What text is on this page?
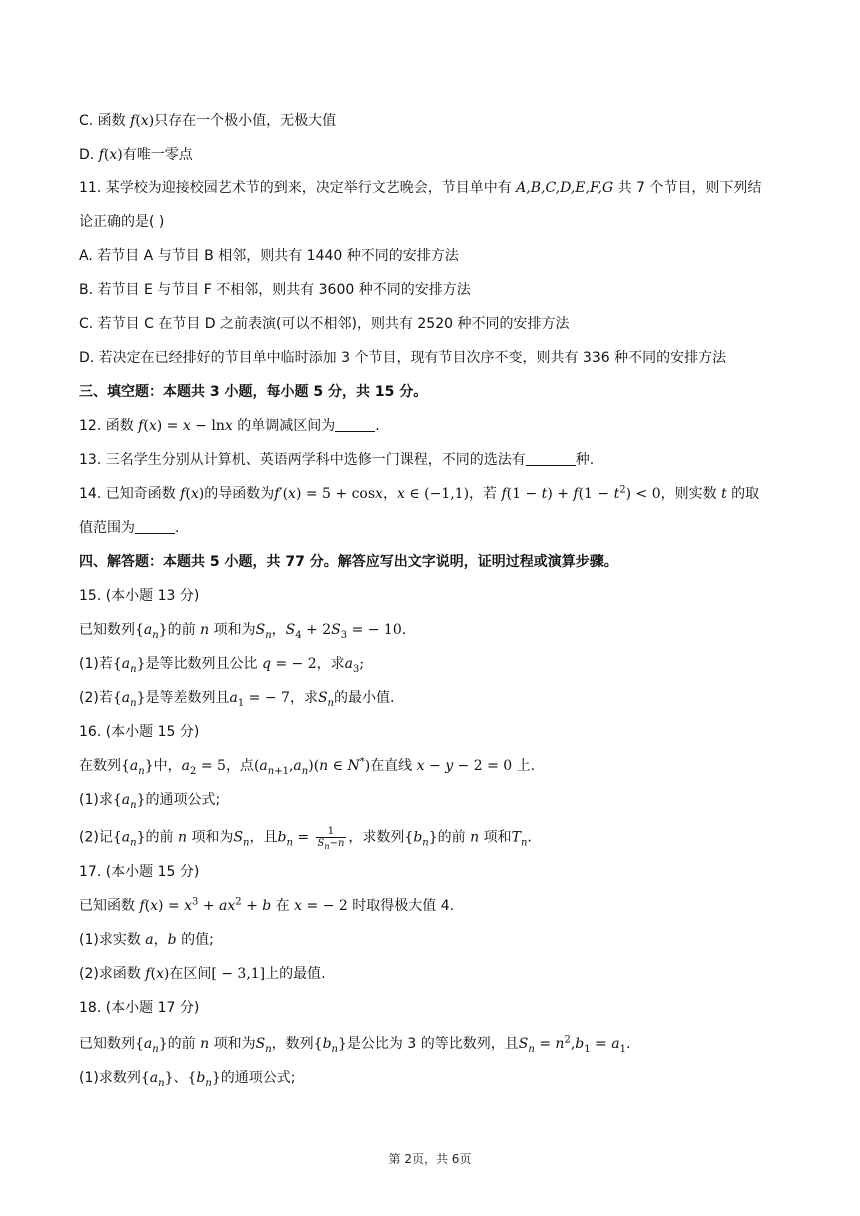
C. 函数 f(x)只存在一个极小值，无极大值
D. f(x)有唯一零点
11. 某学校为迎接校园艺术节的到来，决定举行文艺晚会，节目单中有 A,B,C,D,E,F,G 共 7 个节目，则下列结
论正确的是( )
A. 若节目 A 与节目 B 相邻，则共有 1440 种不同的安排方法
B. 若节目 E 与节目 F 不相邻，则共有 3600 种不同的安排方法
C. 若节目 C 在节目 D 之前表演(可以不相邻)，则共有 2520 种不同的安排方法
D. 若决定在已经排好的节目单中临时添加 3 个节目，现有节目次序不变，则共有 336 种不同的安排方法
三、填空题：本题共 3 小题，每小题 5 分，共 15 分。
12. 函数 f(x) = x − lnx 的单调减区间为	.
13. 三名学生分别从计算机、英语两学科中选修一门课程，不同的选法有	种.
14. 已知奇函数 f(x)的导函数为f′(x) = 5 + cosx，x ∈ (−1,1)，若 $f(1 - t) + f(1 - t^2) < 0$，则实数 t 的取
值范围为	.
四、解答题：本题共 5 小题，共 77 分。解答应写出文字说明，证明过程或演算步骤。
15. (本小题 13 分)
已知数列$\{a_n\}$的前 n 项和为$S_n$，$S_4 + 2S_3$ = − 10.
(1)若$\{a_n\}$是等比数列且公比 q = − 2，求$a_3$;
(2)若$\{a_n\}$是等差数列且$a_1$ = − 7，求$S_n$的最小值.
16. (本小题 15 分)
在数列$\{a_n\}$中，$a_2 = 5$，点$(a_{n+1},a_n)(n$ ∈ N*)在直线 x − y − 2 = 0 上.
(1)求$\{a_n\}$的通项公式;
(2)记$\{a_n\}$的前 n 项和为$S_n$，且$b_n = \frac{1}{S_n-n}$ ，求数列$\{b_n\}$的前 n 项和$T_n$.
17. (本小题 15 分)
已知函数 $f(x) = x^3 + ax^2 + b$ 在 x = − 2 时取得极大值 4.
(1)求实数 a，b 的值;
(2)求函数 f(x)在区间[ − 3,1]上的最值.
18. (本小题 17 分)
已知数列$\{a_n\}$的前 n 项和为$S_n$，数列$\{b_n\}$是公比为 3 的等比数列，且$S_n = n^2,b_1 = a_1$.
(1)求数列$\{a_n\}$、$\{b_n\}$的通项公式;
第 2页，共 6页
